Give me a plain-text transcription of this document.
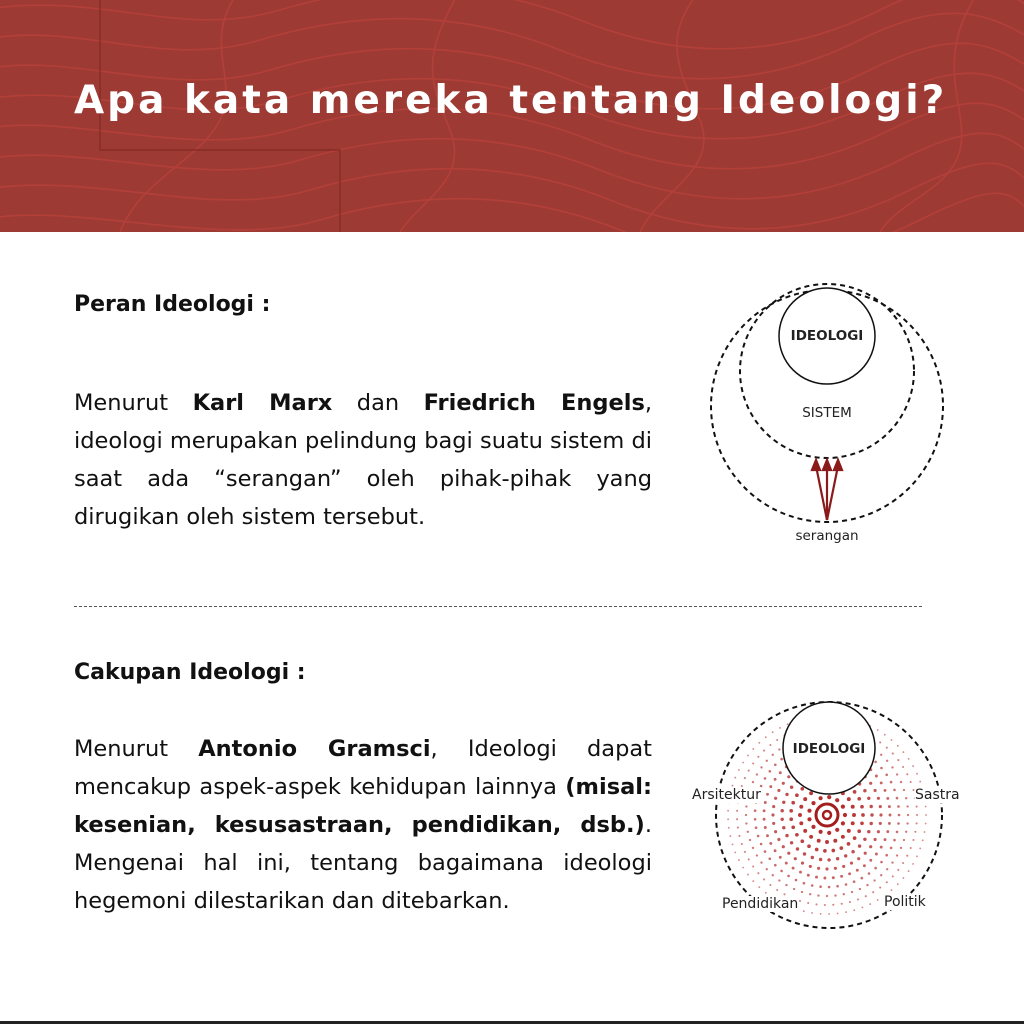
Apa kata mereka tentang Ideologi?
Peran Ideologi :

Menurut Karl Marx dan Friedrich Engels, ideologi merupakan pelindung bagi suatu sistem di saat ada “serangan” oleh pihak-pihak yang dirugikan oleh sistem tersebut.

IDEOLOGI
SISTEM
serangan
Cakupan Ideologi :

Menurut Antonio Gramsci, Ideologi dapat mencakup aspek-aspek kehidupan lainnya (misal: kesenian, kesusastraan, pendidikan, dsb.). Mengenai hal ini, tentang bagaimana ideologi hegemoni dilestarikan dan ditebarkan.

IDEOLOGI
Arsitektur	Sastra
Pendidikan	Politik
